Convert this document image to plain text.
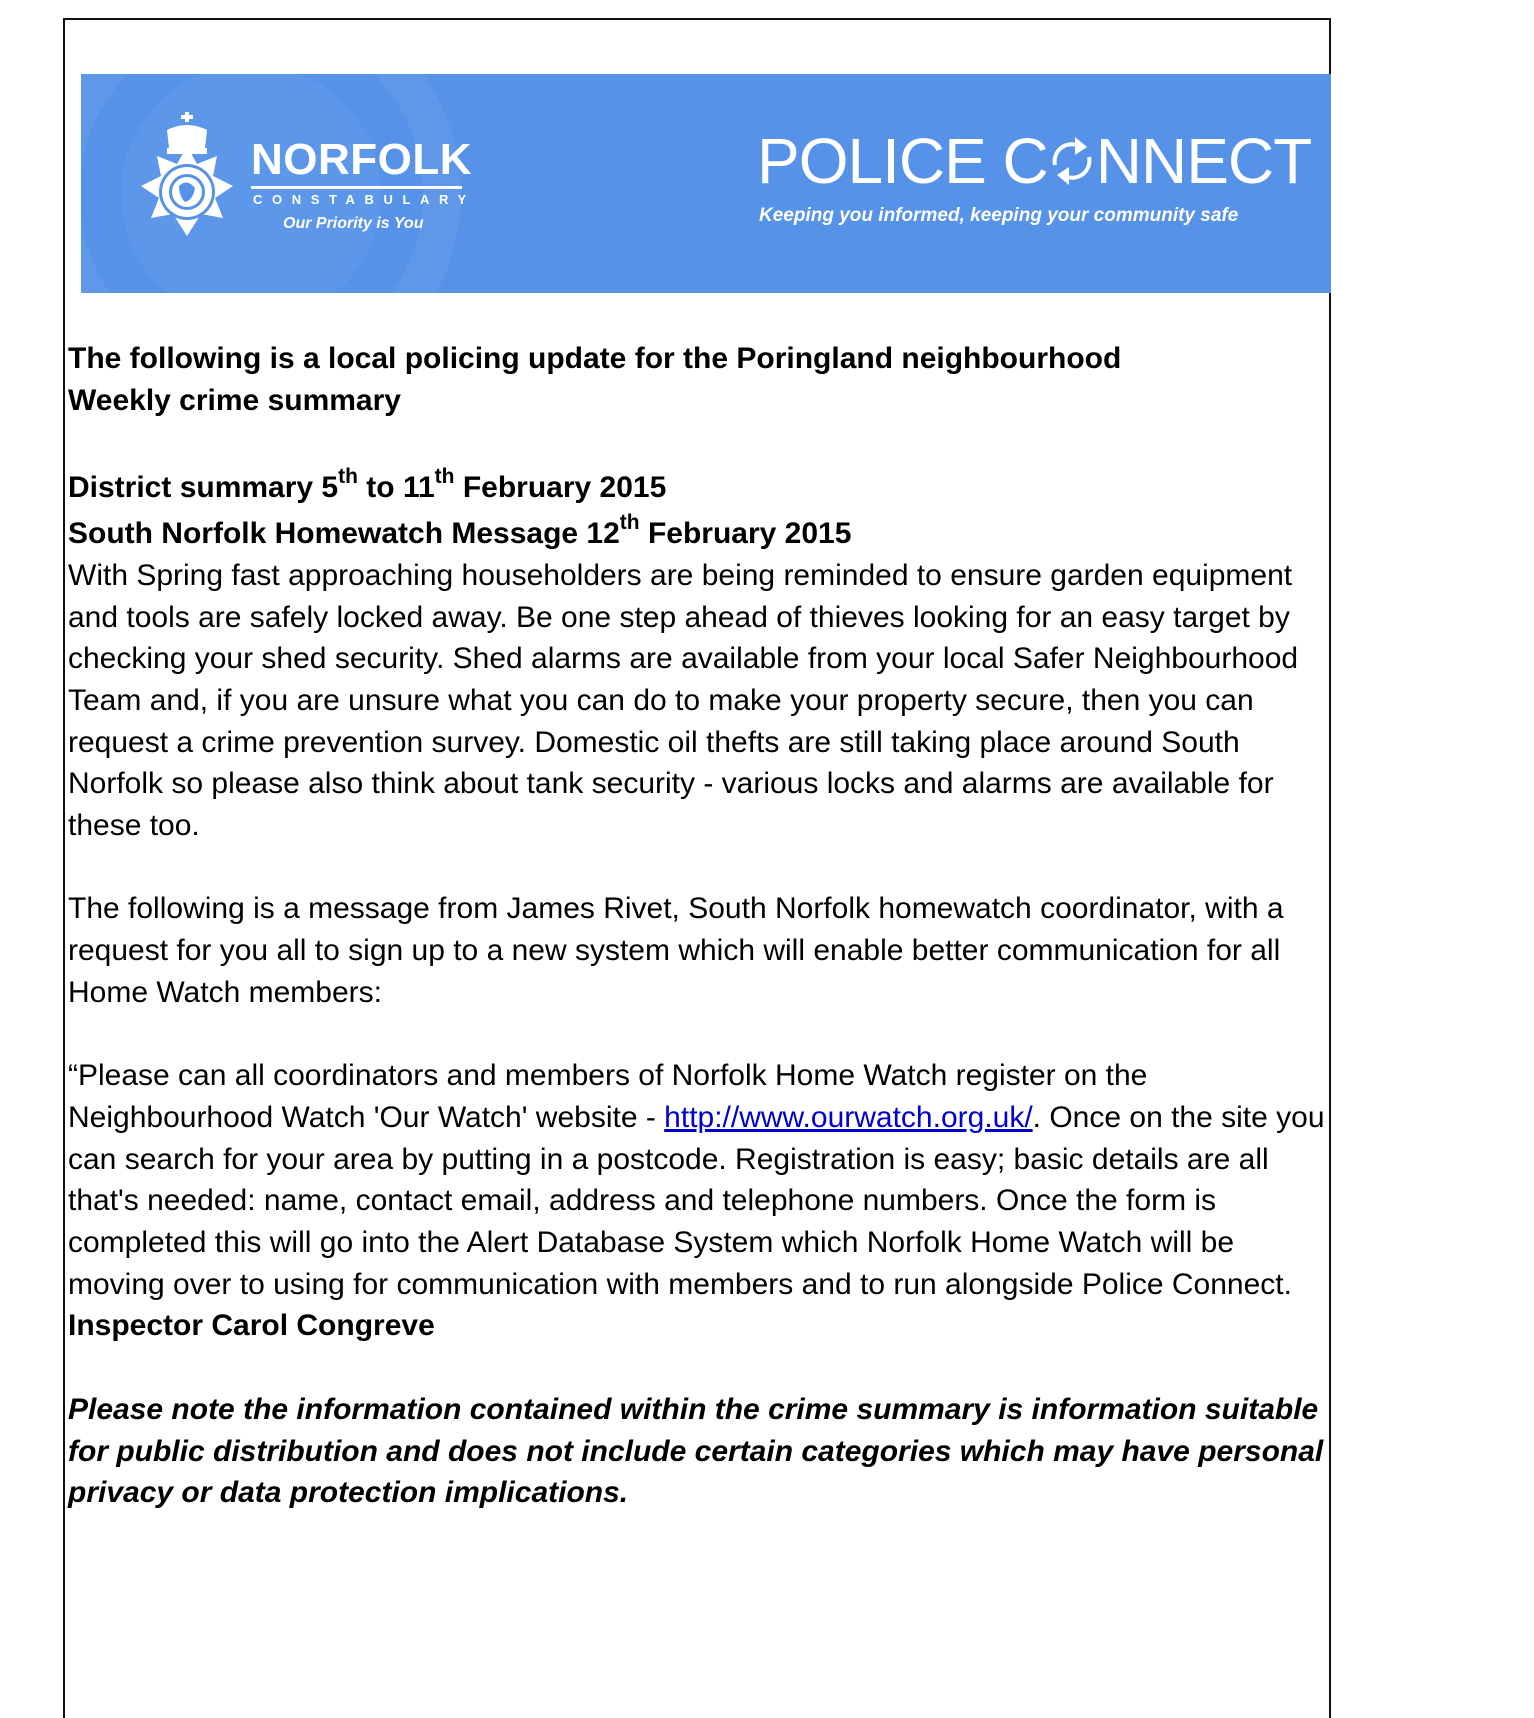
NORFOLK
CONSTABULARY
Our Priority is You
POLICE C NNECT
Keeping you informed, keeping your community safe

The following is a local policing update for the Poringland neighbourhood

Weekly crime summary

District summary 5th to 11th February 2015

South Norfolk Homewatch Message 12th February 2015

With Spring fast approaching householders are being reminded to ensure garden equipment and tools are safely locked away. Be one step ahead of thieves looking for an easy target by checking your shed security. Shed alarms are available from your local Safer Neighbourhood Team and, if you are unsure what you can do to make your property secure, then you can request a crime prevention survey. Domestic oil thefts are still taking place around South Norfolk so please also think about tank security - various locks and alarms are available for these too.

The following is a message from James Rivet, South Norfolk homewatch coordinator, with a request for you all to sign up to a new system which will enable better communication for all Home Watch members:

“Please can all coordinators and members of Norfolk Home Watch register on the Neighbourhood Watch 'Our Watch' website - http://www.ourwatch.org.uk/. Once on the site you can search for your area by putting in a postcode. Registration is easy; basic details are all that's needed: name, contact email, address and telephone numbers. Once the form is completed this will go into the Alert Database System which Norfolk Home Watch will be moving over to using for communication with members and to run alongside Police Connect.

Inspector Carol Congreve

Please note the information contained within the crime summary is information suitable for public distribution and does not include certain categories which may have personal privacy or data protection implications.
